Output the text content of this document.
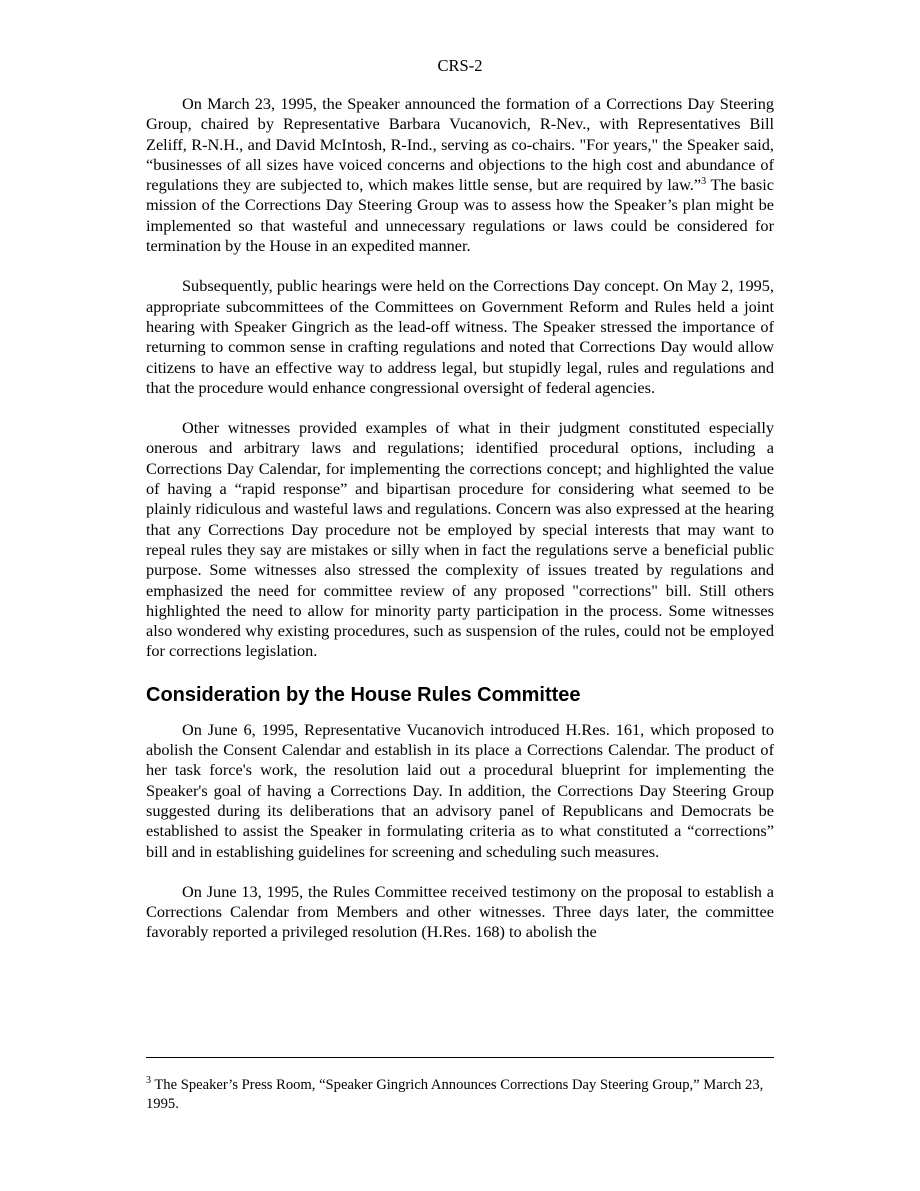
CRS-2

On March 23, 1995, the Speaker announced the formation of a Corrections Day Steering Group, chaired by Representative Barbara Vucanovich, R-Nev., with Representatives Bill Zeliff, R-N.H., and David McIntosh, R-Ind., serving as co-chairs. "For years," the Speaker said, “businesses of all sizes have voiced concerns and objections to the high cost and abundance of regulations they are subjected to, which makes little sense, but are required by law.”$^3$ The basic mission of the Corrections Day Steering Group was to assess how the Speaker’s plan might be implemented so that wasteful and unnecessary regulations or laws could be considered for termination by the House in an expedited manner.

Subsequently, public hearings were held on the Corrections Day concept. On May 2, 1995, appropriate subcommittees of the Committees on Government Reform and Rules held a joint hearing with Speaker Gingrich as the lead-off witness. The Speaker stressed the importance of returning to common sense in crafting regulations and noted that Corrections Day would allow citizens to have an effective way to address legal, but stupidly legal, rules and regulations and that the procedure would enhance congressional oversight of federal agencies.

Other witnesses provided examples of what in their judgment constituted especially onerous and arbitrary laws and regulations; identified procedural options, including a Corrections Day Calendar, for implementing the corrections concept; and highlighted the value of having a “rapid response” and bipartisan procedure for considering what seemed to be plainly ridiculous and wasteful laws and regulations. Concern was also expressed at the hearing that any Corrections Day procedure not be employed by special interests that may want to repeal rules they say are mistakes or silly when in fact the regulations serve a beneficial public purpose. Some witnesses also stressed the complexity of issues treated by regulations and emphasized the need for committee review of any proposed "corrections" bill. Still others highlighted the need to allow for minority party participation in the process. Some witnesses also wondered why existing procedures, such as suspension of the rules, could not be employed for corrections legislation.

Consideration by the House Rules Committee

On June 6, 1995, Representative Vucanovich introduced H.Res. 161, which proposed to abolish the Consent Calendar and establish in its place a Corrections Calendar. The product of her task force's work, the resolution laid out a procedural blueprint for implementing the Speaker's goal of having a Corrections Day. In addition, the Corrections Day Steering Group suggested during its deliberations that an advisory panel of Republicans and Democrats be established to assist the Speaker in formulating criteria as to what constituted a “corrections” bill and in establishing guidelines for screening and scheduling such measures.

On June 13, 1995, the Rules Committee received testimony on the proposal to establish a Corrections Calendar from Members and other witnesses. Three days later, the committee favorably reported a privileged resolution (H.Res. 168) to abolish the

$^3$ The Speaker’s Press Room, “Speaker Gingrich Announces Corrections Day Steering Group,” March 23, 1995.
